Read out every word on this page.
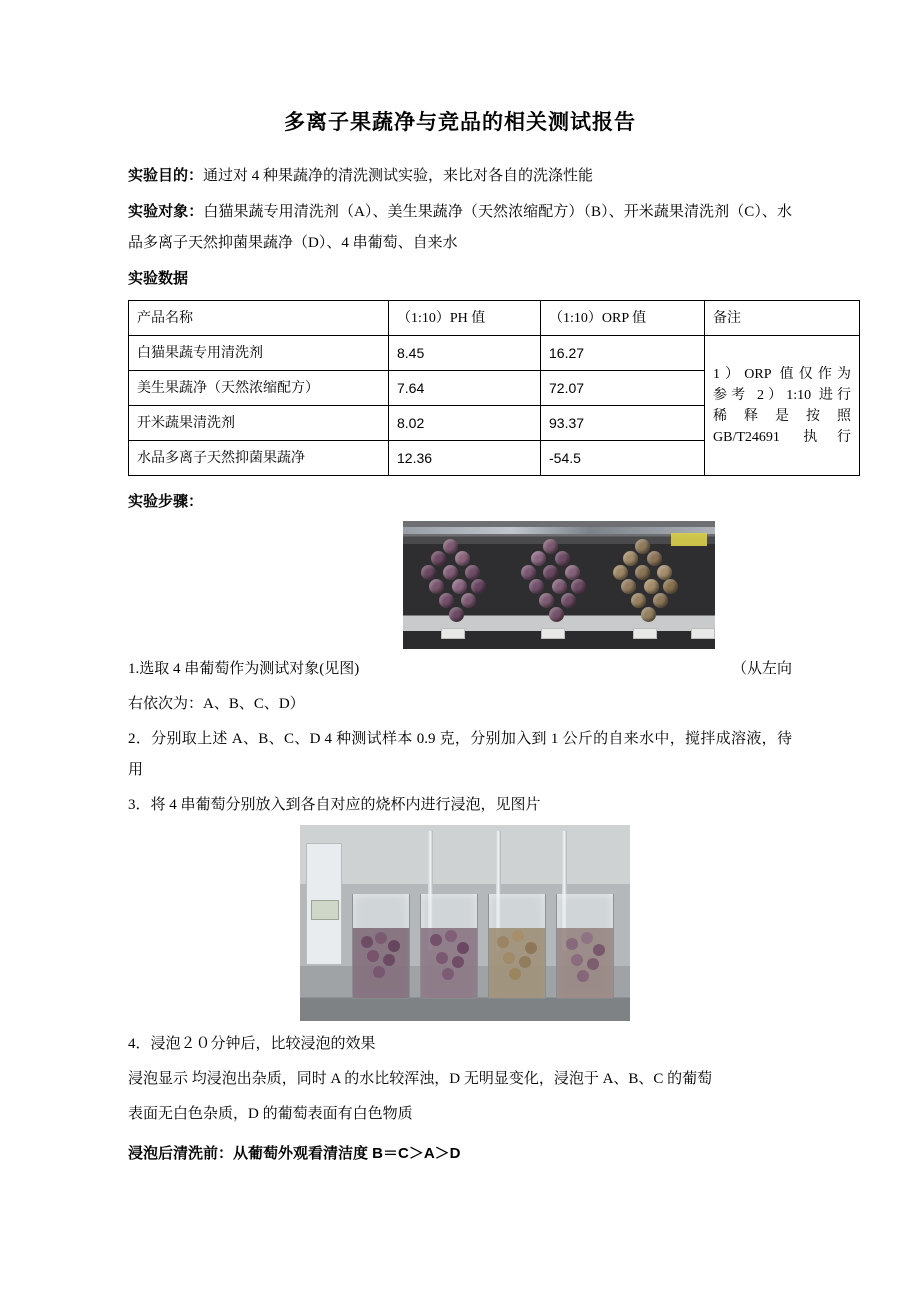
多离子果蔬净与竞品的相关测试报告

实验目的：通过对 4 种果蔬净的清洗测试实验，来比对各自的洗涤性能

实验对象：白猫果蔬专用清洗剂（A）、美生果蔬净（天然浓缩配方）（B）、开米蔬果清洗剂（C）、水品多离子天然抑菌果蔬净（D）、4 串葡萄、自来水

实验数据
产品名称	（1:10）PH 值	（1:10）ORP 值	备注
白猫果蔬专用清洗剂	8.45	16.27	1）ORP 值仅作为
参考 2）1:10 进行
稀 释 是 按 照
GB/T24691 执行

美生果蔬净（天然浓缩配方）	7.64	72.07	
开米蔬果清洗剂	8.02	93.37	
水品多离子天然抑菌果蔬净	12.36	-54.5	
实验步骤：

1.选取 4 串葡萄作为测试对象(见图)	（从左向

右依次为：A、B、C、D）

2．分别取上述 A、B、C、D 4 种测试样本 0.9 克，分别加入到 1 公斤的自来水中，搅拌成溶液，待用

3．将 4 串葡萄分别放入到各自对应的烧杯内进行浸泡，见图片

4．浸泡２０分钟后，比较浸泡的效果

浸泡显示 均浸泡出杂质，同时 A 的水比较浑浊，D 无明显变化，浸泡于 A、B、C 的葡萄

表面无白色杂质，D 的葡萄表面有白色物质

浸泡后清洗前：从葡萄外观看清洁度 B＝C＞A＞D
